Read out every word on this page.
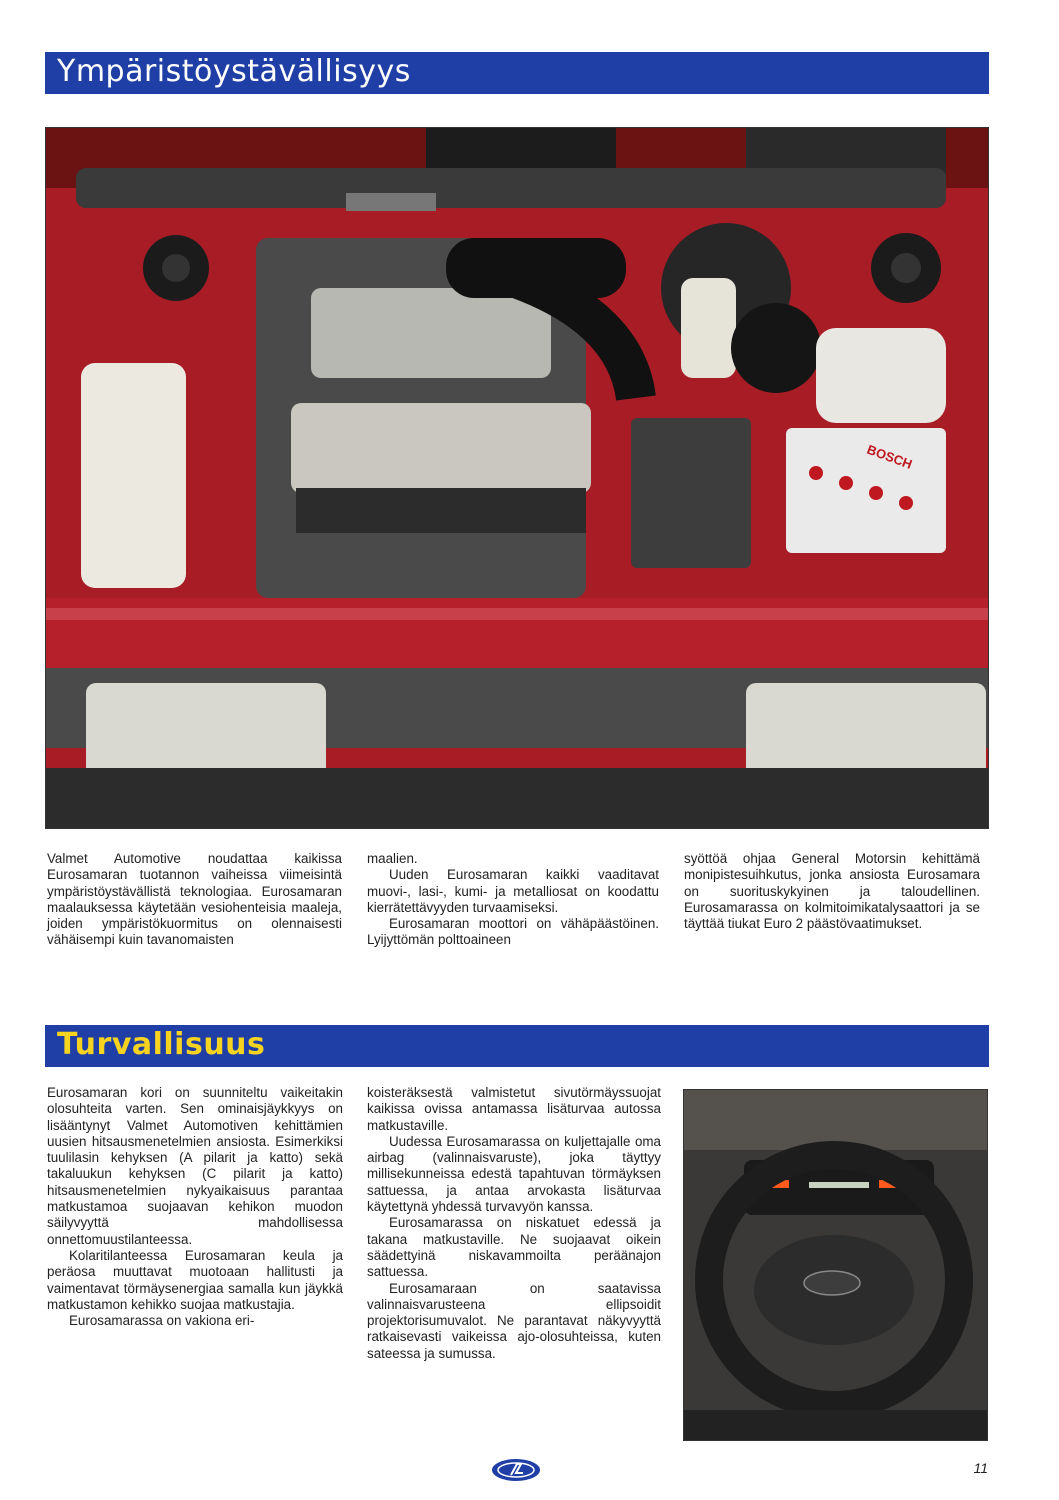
Ympäristöystävällisyys
BOSCH

Valmet Automotive noudattaa kaikissa Eurosamaran tuotannon vaiheissa viimeisintä ympäristöystävällistä teknologiaa. Eurosamaran maalauksessa käytetään vesiohenteisia maaleja, joiden ympäristökuormitus on olennaisesti vähäisempi kuin tavanomaisten

maalien.

Uuden Eurosamaran kaikki vaaditavat muovi-, lasi-, kumi- ja metalliosat on koodattu kierrätettävyyden turvaamiseksi.

Eurosamaran moottori on vähäpäästöinen. Lyijyttömän polttoaineen

syöttöä ohjaa General Motorsin kehittämä monipistesuihkutus, jonka ansiosta Eurosamara on suorituskykyinen ja taloudellinen. Eurosamarassa on kolmitoimikatalysaattori ja se täyttää tiukat Euro 2 päästövaatimukset.

Turvallisuus

Eurosamaran kori on suunniteltu vaikeitakin olosuhteita varten. Sen ominaisjäykkyys on lisääntynyt Valmet Automotiven kehittämien uusien hitsausmenetelmien ansiosta. Esimerkiksi tuulilasin kehyksen (A pilarit ja katto) sekä takaluukun kehyksen (C pilarit ja katto) hitsausmenetelmien nykyaikaisuus parantaa matkustamoa suojaavan kehikon muodon säilyvyyttä mahdollisessa onnettomuustilanteessa.

Kolaritilanteessa Eurosamaran keula ja peräosa muuttavat muotoaan hallitusti ja vaimentavat törmäysenergiaa samalla kun jäykkä matkustamon kehikko suojaa matkustajia.

Eurosamarassa on vakiona eri-

koisteräksestä valmistetut sivutörmäyssuojat kaikissa ovissa antamassa lisäturvaa autossa matkustaville.

Uudessa Eurosamarassa on kuljettajalle oma airbag (valinnaisvaruste), joka täyttyy millisekunneissa edestä tapahtuvan törmäyksen sattuessa, ja antaa arvokasta lisäturvaa käytettynä yhdessä turvavyön kanssa.

Eurosamarassa on niskatuet edessä ja takana matkustaville. Ne suojaavat oikein säädettyinä niskavammoilta peräänajon sattuessa.

Eurosamaraan on saatavissa valinnaisvarusteena ellipsoidit projektorisumuvalot. Ne parantavat näkyvyyttä ratkaisevasti vaikeissa ajo-olosuhteissa, kuten sateessa ja sumussa.

11
